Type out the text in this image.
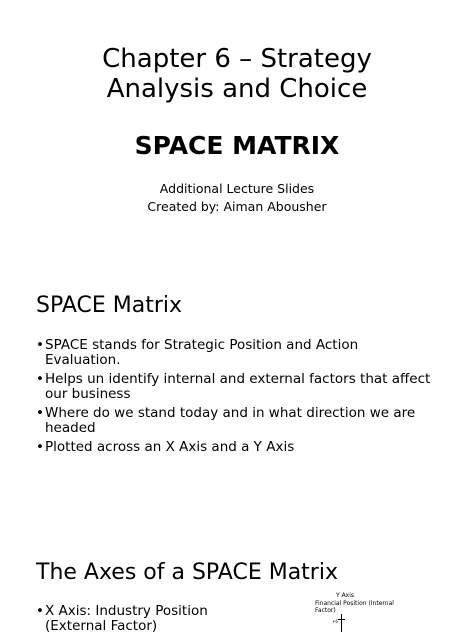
Chapter 6 – Strategy
Analysis and Choice
SPACE MATRIX
Additional Lecture Slides
Created by: Aiman Abousher
SPACE Matrix
• SPACE stands for Strategic Position and Action Evaluation.
• Helps un identify internal and external factors that affect our business
• Where do we stand today and in what direction we are headed
• Plotted across an X Axis and a Y Axis
The Axes of a SPACE Matrix
• X Axis: Industry Position (External Factor)
Y Axis
Financial Position (Internal Factor)
+6
